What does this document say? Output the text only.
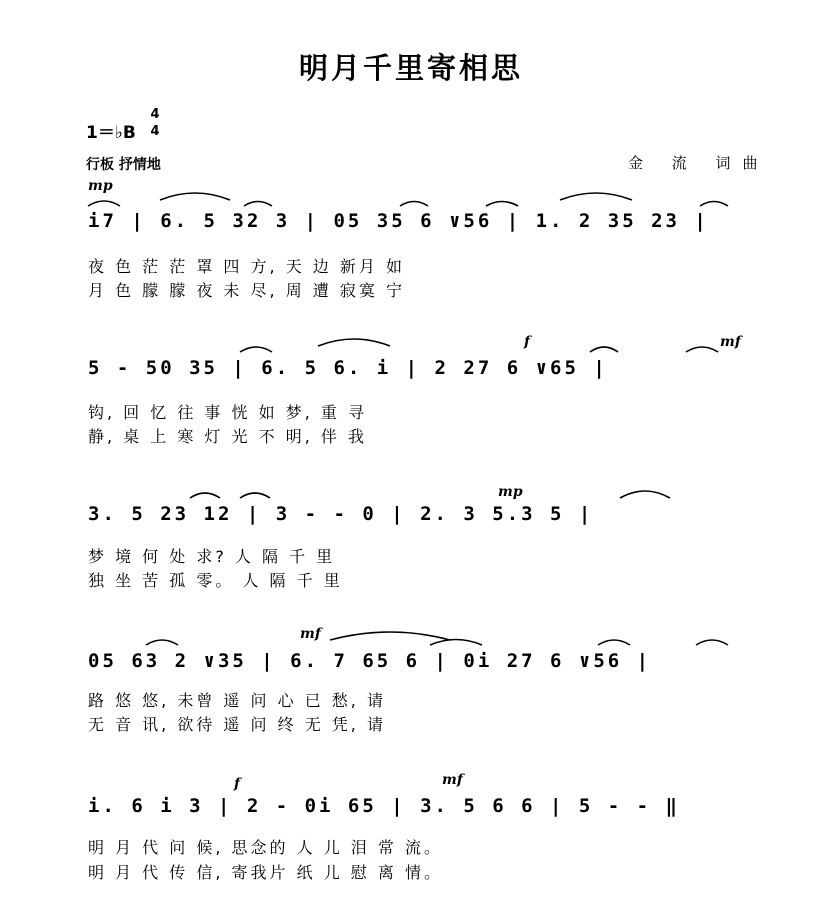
明月千里寄相思
1＝♭B
4
4
行板 抒情地	金 流 词曲
mp
i7 | 6. 5 32 3 | 05 35 6 ∨56 | 1. 2 35 23 |
夜 色 茫 茫 罩 四 方, 天 边 新月 如
月 色 朦 朦 夜 未 尽, 周 遭 寂寞 宁
f	mf
5 - 50 35 | 6. 5 6. i | 2 27 6 ∨65 |
钩, 回 忆 往 事 恍 如 梦, 重 寻
静, 桌 上 寒 灯 光 不 明, 伴 我
mp
3. 5 23 12 | 3 - - 0 | 2. 3 5.3 5 |
梦 境 何 处 求? 人 隔 千 里
独 坐 苦 孤 零。 人 隔 千 里
mf
05 63 2 ∨35 | 6. 7 65 6 | 0i 27 6 ∨56 |
路 悠 悠, 未曾 遥 问 心 已 愁, 请
无 音 讯, 欲待 遥 问 终 无 凭, 请
f	mf
i. 6 i 3 | 2 - 0i 65 | 3. 5 6 6 | 5 - - ‖
明 月 代 问 候, 思念的 人 儿 泪 常 流。
明 月 代 传 信, 寄我片 纸 儿 慰 离 情。
